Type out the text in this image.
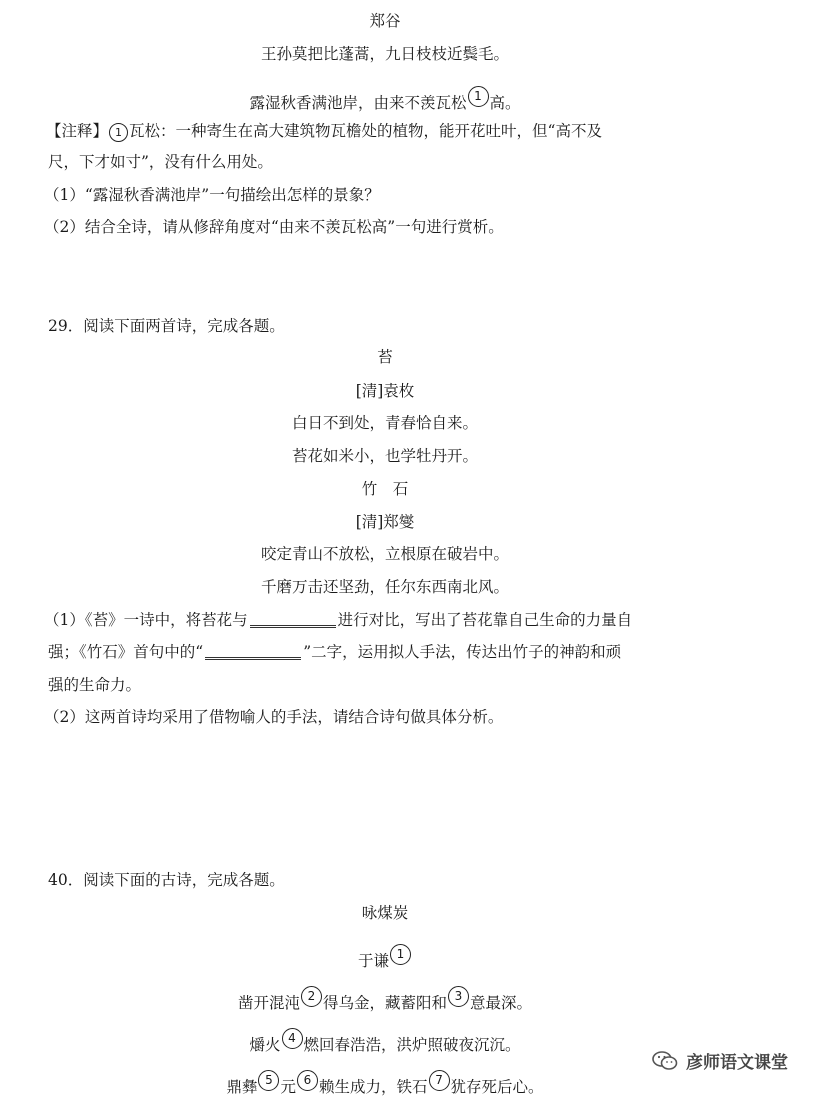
郑谷
王孙莫把比蓬蒿，九日枝枝近鬓毛。
露湿秋香满池岸，由来不羡瓦松 1 高。
【注释】 1 瓦松：一种寄生在高大建筑物瓦檐处的植物，能开花吐叶，但“高不及
尺，下才如寸”，没有什么用处。
（1）“露湿秋香满池岸”一句描绘出怎样的景象？
（2）结合全诗，请从修辞角度对“由来不羡瓦松高”一句进行赏析。
29．阅读下面两首诗，完成各题。
苔
[清]袁枚
白日不到处，青春恰自来。
苔花如米小，也学牡丹开。
竹　石
[清]郑燮
咬定青山不放松，立根原在破岩中。
千磨万击还坚劲，任尔东西南北风。
（1）《苔》一诗中，将苔花与	进行对比，写出了苔花靠自己生命的力量自
强；《竹石》首句中的“	”二字，运用拟人手法，传达出竹子的神韵和顽
强的生命力。
（2）这两首诗均采用了借物喻人的手法，请结合诗句做具体分析。
40．阅读下面的古诗，完成各题。
咏煤炭
于谦 1
凿开混沌 2 得乌金，藏蓄阳和 3 意最深。
爝火 4 燃回春浩浩，洪炉照破夜沉沉。
鼎彝 5 元 6 赖生成力，铁石 7 犹存死后心。
彦师语文课堂
